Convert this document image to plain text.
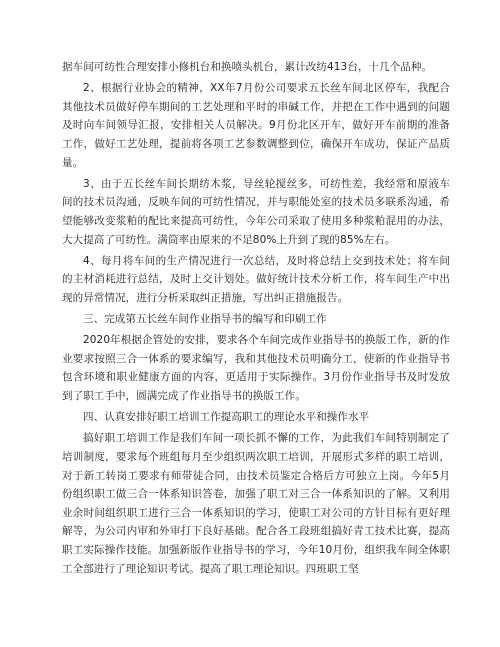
据车间可纺性合理安排小修机台和换喷头机台，累计改纺413台，十几个品种。

2、根据行业协会的精神，XX年7月份公司要求五长丝车间北区停车，我配合其他技术员做好停车期间的工艺处理和平时的串碱工作，并把在工作中遇到的问题及时向车间领导汇报，安排相关人员解决。9月份北区开车，做好开车前期的准备工作，做好工艺处理，提前将各项工艺参数调整到位，确保开车成功，保证产品质量。

3、由于五长丝车间长期纺木浆，导丝轮搅丝多，可纺性差，我经常和原液车间的技术员沟通，反映车间的可纺性情况，并与职能处室的技术员多联系沟通，希望能够改变浆粕的配比来提高可纺性，今年公司采取了使用多种浆粕混用的办法，大大提高了可纺性。满筒率由原来的不足80%上升到了现的85%左右。

4、每月将车间的生产情况进行一次总结，及时将总结上交到技术处；将车间的主材消耗进行总结，及时上交计划处。做好统计技术分析工作，将车间生产中出现的异常情况，进行分析采取纠正措施，写出纠正措施报告。

三、完成第五长丝车间作业指导书的编写和印刷工作

2020年根据企管处的安排，要求各个车间完成作业指导书的换版工作，新的作业要求按照三合一体系的要求编写，我和其他技术员明确分工，使新的作业指导书包含环境和职业健康方面的内容，更适用于实际操作。3月份作业指导书及时发放到了职工手中，圆满完成了作业指导书的换版工作。

四、认真安排好职工培训工作提高职工的理论水平和操作水平

搞好职工培训工作是我们车间一项长抓不懈的工作，为此我们车间特别制定了培训制度，要求每个班组每月至少组织两次职工培训，开展形式多样的职工培训，对于新工转岗工要求有师带徒合同，由技术员鉴定合格后方可独立上岗。今年5月份组织职工做三合一体系知识答卷，加强了职工对三合一体系知识的了解。又利用业余时间组织职工进行三合一体系知识的学习，使职工对公司的方针目标有更好理解等，为公司内审和外审打下良好基础。配合各工段班组搞好青工技术比赛，提高职工实际操作技能。加强新版作业指导书的学习，今年10月份，组织我车间全体职工全部进行了理论知识考试。提高了职工理论知识。四班职工坚
